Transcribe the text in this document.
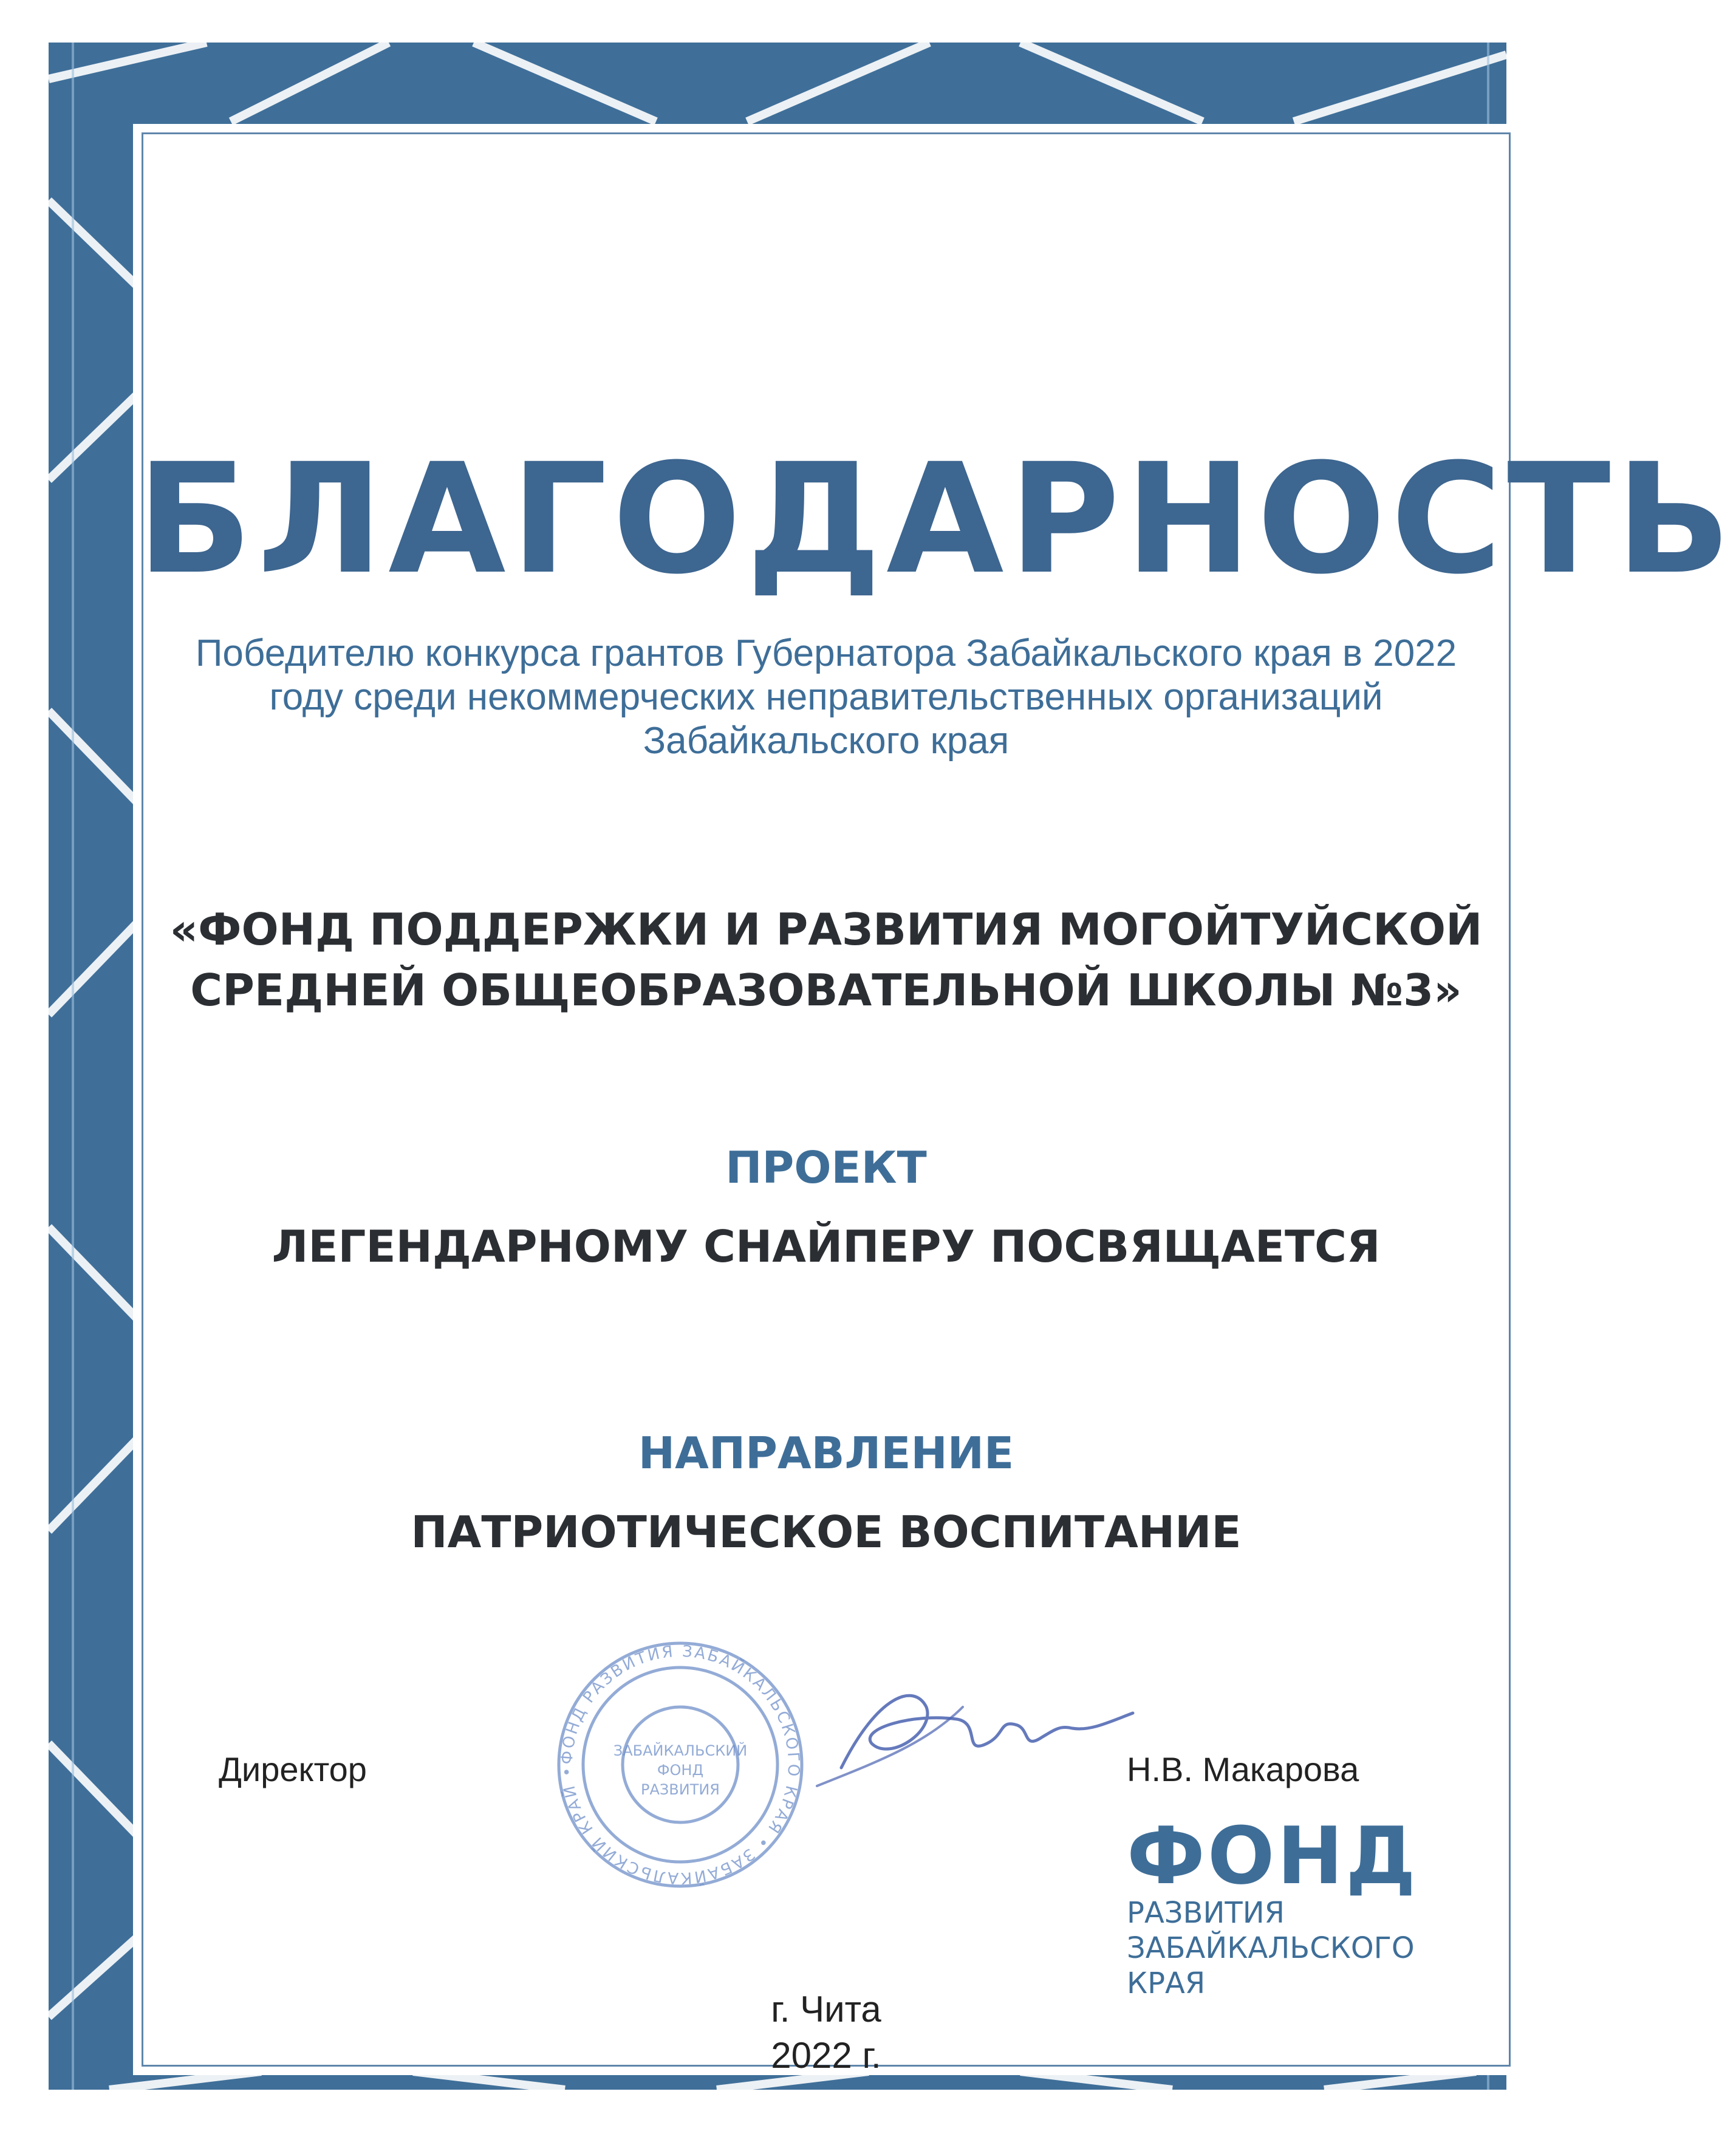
БЛАГОДАРНОСТЬ
Победителю конкурса грантов Губернатора Забайкальского края в 2022
году среди некоммерческих неправительственных организаций
Забайкальского края
«ФОНД ПОДДЕРЖКИ И РАЗВИТИЯ МОГОЙТУЙСКОЙ
СРЕДНЕЙ ОБЩЕОБРАЗОВАТЕЛЬНОЙ ШКОЛЫ №3»
ПРОЕКТ
ЛЕГЕНДАРНОМУ СНАЙПЕРУ ПОСВЯЩАЕТСЯ
НАПРАВЛЕНИЕ
ПАТРИОТИЧЕСКОЕ ВОСПИТАНИЕ
Директор	ФОНД РАЗВИТИЯ ЗАБАЙКАЛЬСКОГО КРАЯ • ЗАБАЙКАЛЬСКИЙ КРАЙ •
ЗАБАЙКАЛЬСКИЙ
ФОНД
РАЗВИТИЯ
Н.В. Макарова
ФОНД
РАЗВИТИЯ
ЗАБАЙКАЛЬСКОГО
КРАЯ
г. Чита
2022 г.
